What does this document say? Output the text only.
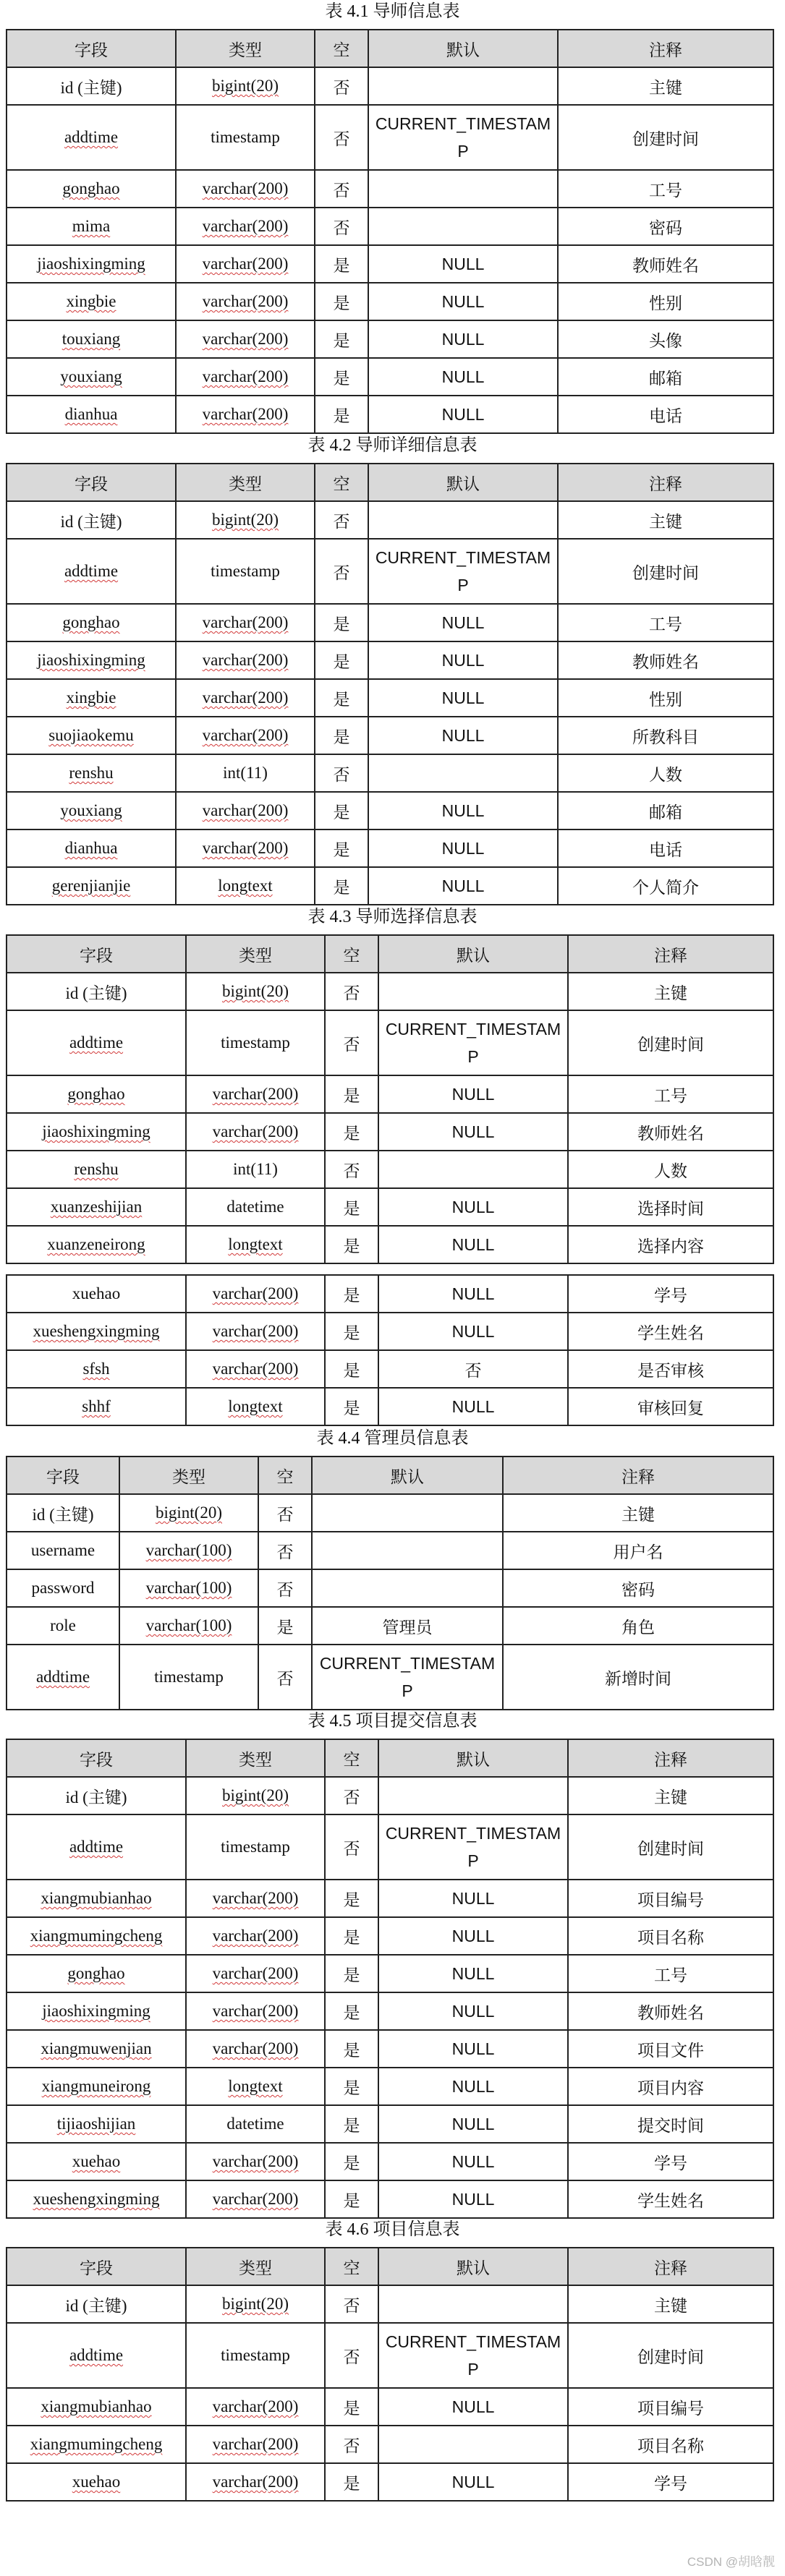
表 4.1 导师信息表
字段	类型	空	默认	注释
id (主键)	bigint(20)	否		主键
addtime	timestamp	否	CURRENT_TIMESTAMP	创建时间
gonghao	varchar(200)	否		工号
mima	varchar(200)	否		密码
jiaoshixingming	varchar(200)	是	NULL	教师姓名
xingbie	varchar(200)	是	NULL	性别
touxiang	varchar(200)	是	NULL	头像
youxiang	varchar(200)	是	NULL	邮箱
dianhua	varchar(200)	是	NULL	电话
表 4.2 导师详细信息表
字段	类型	空	默认	注释
id (主键)	bigint(20)	否		主键
addtime	timestamp	否	CURRENT_TIMESTAMP	创建时间
gonghao	varchar(200)	是	NULL	工号
jiaoshixingming	varchar(200)	是	NULL	教师姓名
xingbie	varchar(200)	是	NULL	性别
suojiaokemu	varchar(200)	是	NULL	所教科目
renshu	int(11)	否		人数
youxiang	varchar(200)	是	NULL	邮箱
dianhua	varchar(200)	是	NULL	电话
gerenjianjie	longtext	是	NULL	个人简介
表 4.3 导师选择信息表
字段	类型	空	默认	注释
id (主键)	bigint(20)	否		主键
addtime	timestamp	否	CURRENT_TIMESTAMP	创建时间
gonghao	varchar(200)	是	NULL	工号
jiaoshixingming	varchar(200)	是	NULL	教师姓名
renshu	int(11)	否		人数
xuanzeshijian	datetime	是	NULL	选择时间
xuanzeneirong	longtext	是	NULL	选择内容
xuehao	varchar(200)	是	NULL	学号
xueshengxingming	varchar(200)	是	NULL	学生姓名
sfsh	varchar(200)	是	否	是否审核
shhf	longtext	是	NULL	审核回复
表 4.4 管理员信息表
字段	类型	空	默认	注释
id (主键)	bigint(20)	否		主键
username	varchar(100)	否		用户名
password	varchar(100)	否		密码
role	varchar(100)	是	管理员	角色
addtime	timestamp	否	CURRENT_TIMESTAMP	新增时间
表 4.5 项目提交信息表
字段	类型	空	默认	注释
id (主键)	bigint(20)	否		主键
addtime	timestamp	否	CURRENT_TIMESTAMP	创建时间
xiangmubianhao	varchar(200)	是	NULL	项目编号
xiangmumingcheng	varchar(200)	是	NULL	项目名称
gonghao	varchar(200)	是	NULL	工号
jiaoshixingming	varchar(200)	是	NULL	教师姓名
xiangmuwenjian	varchar(200)	是	NULL	项目文件
xiangmuneirong	longtext	是	NULL	项目内容
tijiaoshijian	datetime	是	NULL	提交时间
xuehao	varchar(200)	是	NULL	学号
xueshengxingming	varchar(200)	是	NULL	学生姓名
表 4.6 项目信息表
字段	类型	空	默认	注释
id (主键)	bigint(20)	否		主键
addtime	timestamp	否	CURRENT_TIMESTAMP	创建时间
xiangmubianhao	varchar(200)	是	NULL	项目编号
xiangmumingcheng	varchar(200)	否		项目名称
xuehao	varchar(200)	是	NULL	学号
CSDN @胡晗靓
